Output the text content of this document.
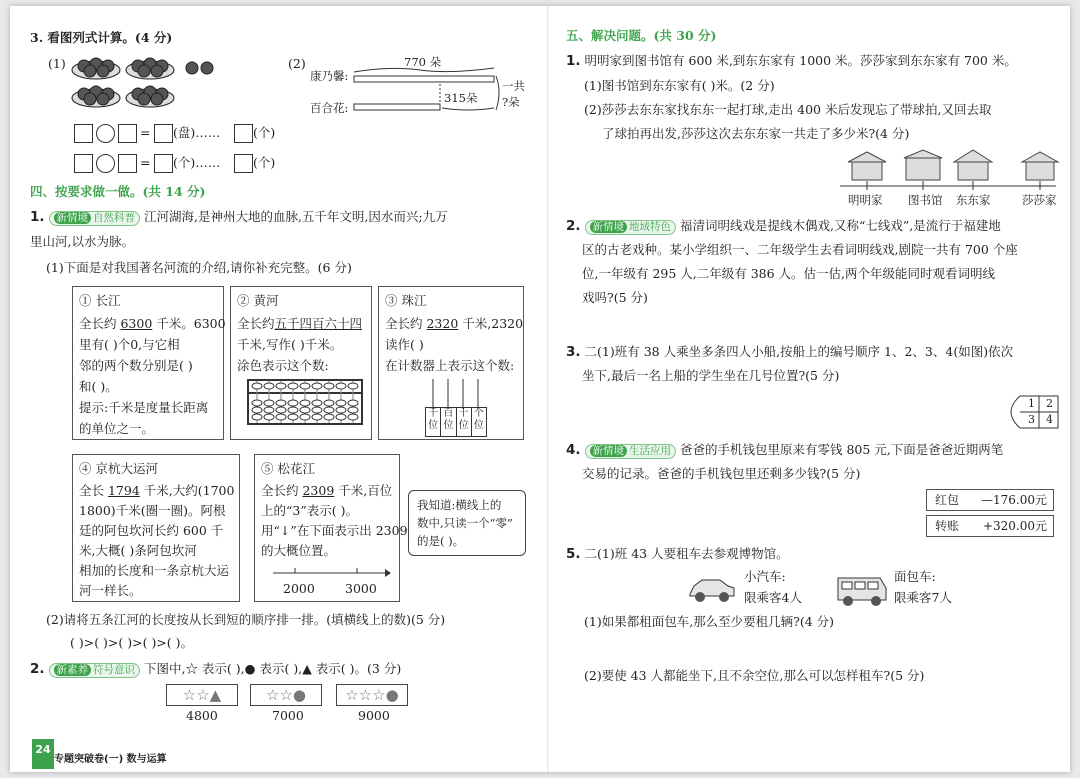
3. 看图列式计算。(4 分)
(1)
= (盘)……	(个)
= (个)……	(个)
(2)	770 朵
康乃馨:
百合花:
315朵
一共
?朵
四、按要求做一做。(共 14 分)
1. 新情境 自然科普 江河湖海,是神州大地的血脉,五千年文明,因水而兴;九万
里山河,以水为脉。
(1)下面是对我国著名河流的介绍,请你补充完整。(6 分)
① 长江
全长约 6300 千米。6300
里有( )个0,与它相
邻的两个数分别是( )
和( )。
提示:千米是度量长距离
的单位之一。
② 黄河
全长约五千四百六十四
千米,写作( )千米。
涂色表示这个数:
③ 珠江
全长约 2320 千米,2320
读作( )
在计数器上表示这个数:
千
位
百
位
十
位
个
位
④ 京杭大运河
全长 1794 千米,大约(1700
1800)千米(圈一圈)。阿根
廷的阿包坎河长约 600 千
米,大概( )条阿包坎河
相加的长度和一条京杭大运
河一样长。
⑤ 松花江
全长约 2309 千米,百位
上的“3”表示( )。
用“↓”在下面表示出 2309
的大概位置。
2000 3000
我知道:横线上的
数中,只读一个“零”
的是( )。
(2)请将五条江河的长度按从长到短的顺序排一排。(填横线上的数)(5 分)
( )>( )>( )>( )>( )。
2. 新素养 符号意识 下图中,☆ 表示( ),● 表示( ),▲ 表示( )。(3 分)
☆☆▲	☆☆●	☆☆☆●
4800	7000	9000
24
专题突破卷(一) 数与运算
五、解决问题。(共 30 分)
1. 明明家到图书馆有 600 米,到东东家有 1000 米。莎莎家到东东家有 700 米。
(1)图书馆到东东家有( )米。(2 分)
(2)莎莎去东东家找东东一起打球,走出 400 米后发现忘了带球拍,又回去取
了球拍再出发,莎莎这次去东东家一共走了多少米?(4 分)
明明家 图书馆 东东家	莎莎家
2. 新情境 地域特色 福清词明线戏是提线木偶戏,又称“七线戏”,是流行于福建地
区的古老戏种。某小学组织一、二年级学生去看词明线戏,剧院一共有 700 个座
位,一年级有 295 人,二年级有 386 人。估一估,两个年级能同时观看词明线
戏吗?(5 分)
3. 二(1)班有 38 人乘坐多条四人小船,按船上的编号顺序 1、2、3、4(如图)依次
坐下,最后一名上船的学生坐在几号位置?(5 分)
1 2
3 4
4. 新情境 生活应用 爸爸的手机钱包里原来有零钱 805 元,下面是爸爸近期两笔
交易的记录。爸爸的手机钱包里还剩多少钱?(5 分)
红包 —176.00元
转账 +320.00元
5. 二(1)班 43 人要租车去参观博物馆。
小汽车:
限乘客4人
面包车:
限乘客7人
(1)如果都租面包车,那么至少要租几辆?(4 分)
(2)要使 43 人都能坐下,且不余空位,那么可以怎样租车?(5 分)
